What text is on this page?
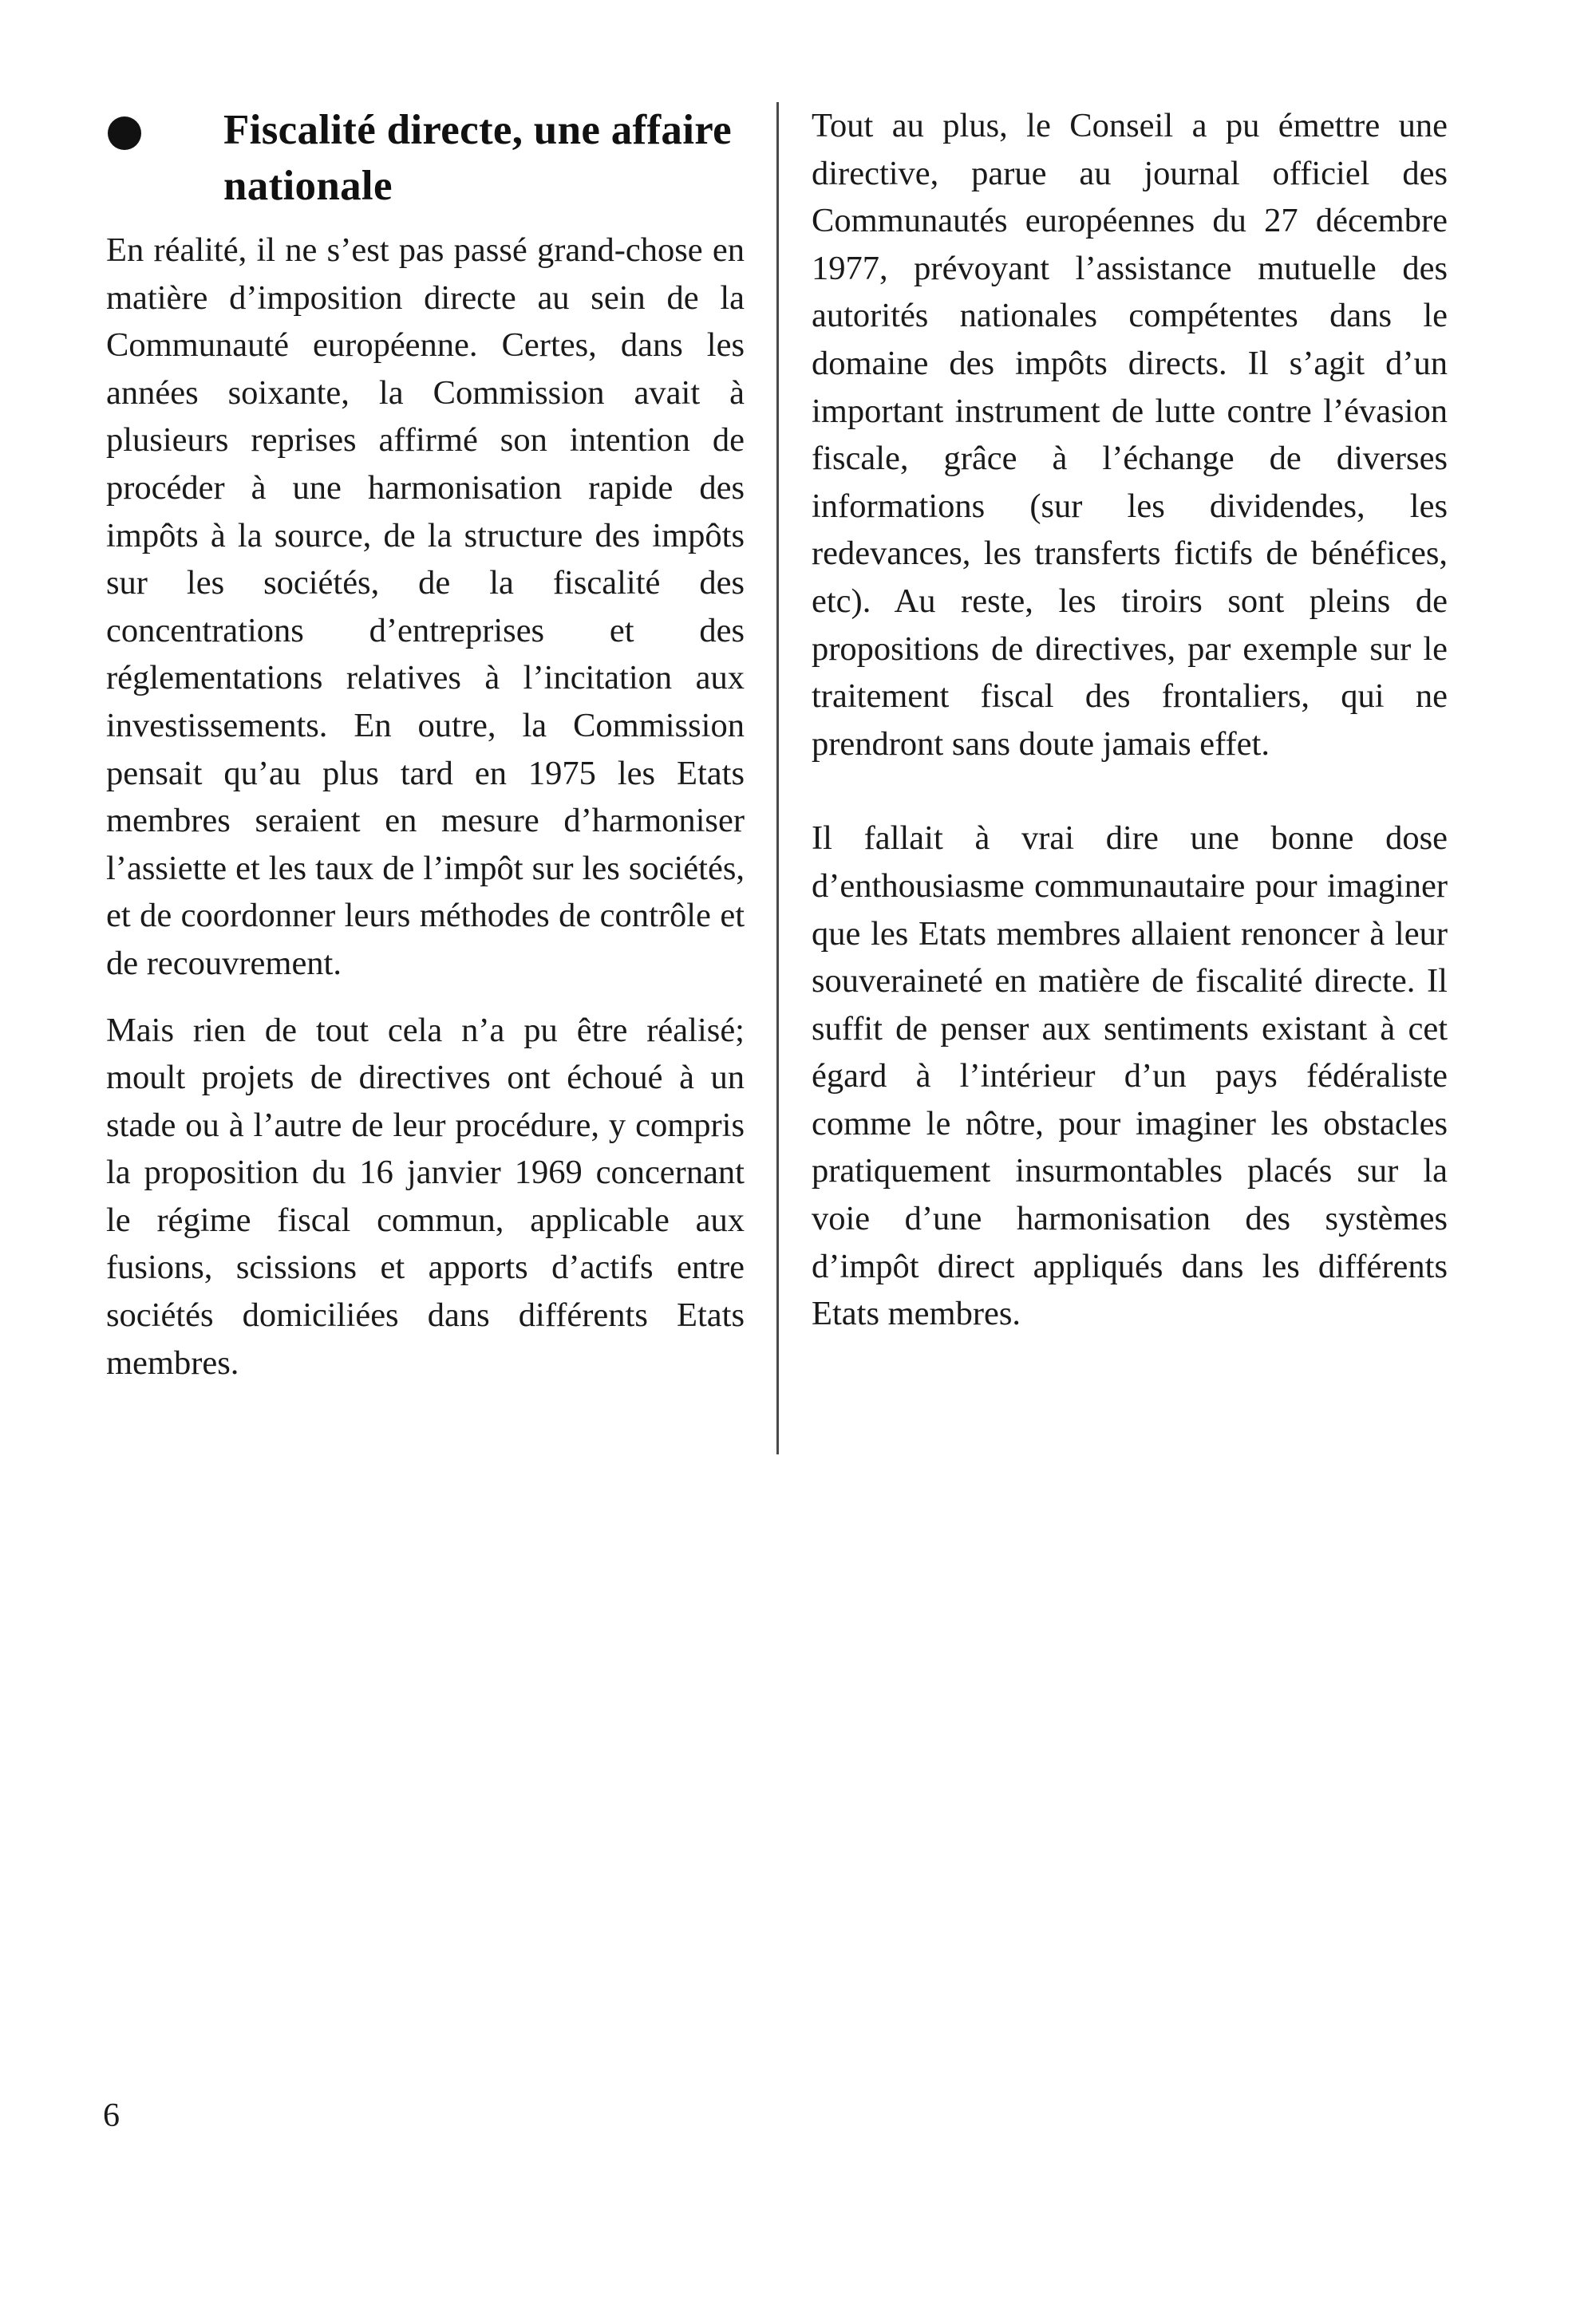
Fiscalité directe, une affaire nationale

En réalité, il ne s’est pas passé grand-chose en matière d’imposition directe au sein de la Communauté européenne. Certes, dans les années soixante, la Commission avait à plusieurs reprises affirmé son intention de procéder à une harmonisation rapide des impôts à la source, de la structure des impôts sur les sociétés, de la fiscalité des concentrations d’entreprises et des réglementations relatives à l’incitation aux investissements. En outre, la Commission pensait qu’au plus tard en 1975 les Etats membres seraient en mesure d’harmoniser l’assiette et les taux de l’impôt sur les sociétés, et de coordonner leurs méthodes de contrôle et de recouvrement.

Mais rien de tout cela n’a pu être réalisé; moult projets de directives ont échoué à un stade ou à l’autre de leur procédure, y compris la proposition du 16 janvier 1969 concernant le régime fiscal commun, applicable aux fusions, scissions et apports d’actifs entre sociétés domiciliées dans différents Etats membres.

Tout au plus, le Conseil a pu émettre une directive, parue au journal officiel des Communautés européennes du 27 décembre 1977, prévoyant l’assistance mutuelle des autorités nationales compétentes dans le domaine des impôts directs. Il s’agit d’un important instrument de lutte contre l’évasion fiscale, grâce à l’échange de diverses informations (sur les dividendes, les redevances, les transferts fictifs de bénéfices, etc). Au reste, les tiroirs sont pleins de propositions de directives, par exemple sur le traitement fiscal des frontaliers, qui ne prendront sans doute jamais effet.

Il fallait à vrai dire une bonne dose d’enthousiasme communautaire pour imaginer que les Etats membres allaient renoncer à leur souveraineté en matière de fiscalité directe. Il suffit de penser aux sentiments existant à cet égard à l’intérieur d’un pays fédéraliste comme le nôtre, pour imaginer les obstacles pratiquement insurmontables placés sur la voie d’une harmonisation des systèmes d’impôt direct appliqués dans les différents Etats membres.

6
